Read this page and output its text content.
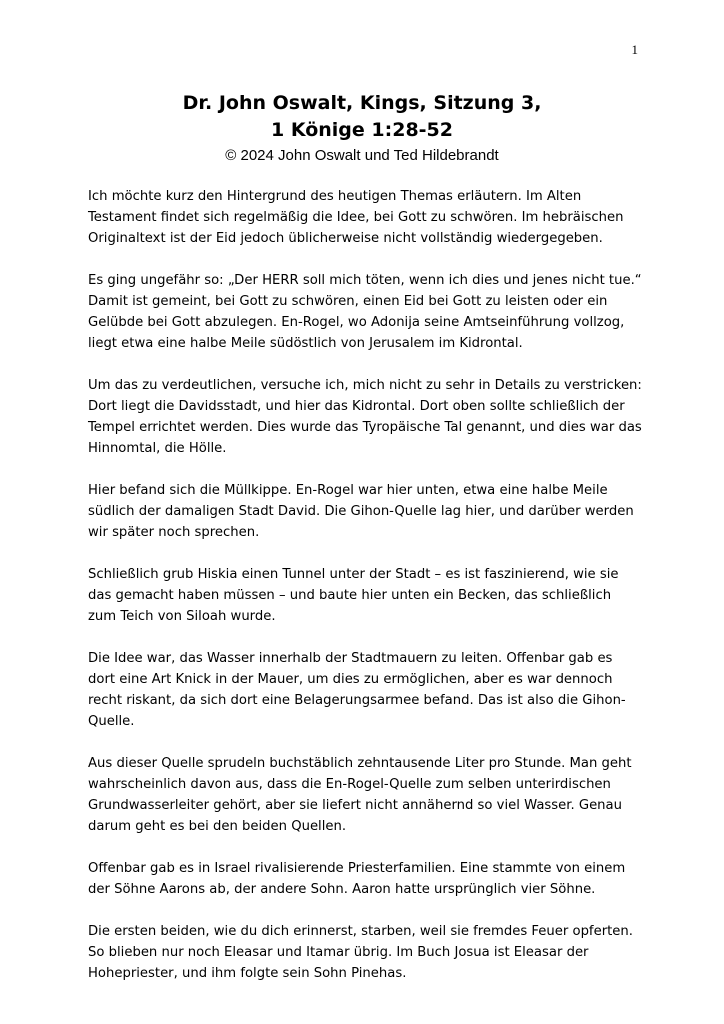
1
Dr. John Oswalt, Kings, Sitzung 3,
1 Könige 1:28-52
© 2024 John Oswalt und Ted Hildebrandt

Ich möchte kurz den Hintergrund des heutigen Themas erläutern. Im Alten Testament findet sich regelmäßig die Idee, bei Gott zu schwören. Im hebräischen Originaltext ist der Eid jedoch üblicherweise nicht vollständig wiedergegeben.

Es ging ungefähr so: „Der HERR soll mich töten, wenn ich dies und jenes nicht tue.“ Damit ist gemeint, bei Gott zu schwören, einen Eid bei Gott zu leisten oder ein Gelübde bei Gott abzulegen. En-Rogel, wo Adonija seine Amtseinführung vollzog, liegt etwa eine halbe Meile südöstlich von Jerusalem im Kidrontal.

Um das zu verdeutlichen, versuche ich, mich nicht zu sehr in Details zu verstricken: Dort liegt die Davidsstadt, und hier das Kidrontal. Dort oben sollte schließlich der Tempel errichtet werden. Dies wurde das Tyropäische Tal genannt, und dies war das Hinnomtal, die Hölle.

Hier befand sich die Müllkippe. En-Rogel war hier unten, etwa eine halbe Meile südlich der damaligen Stadt David. Die Gihon-Quelle lag hier, und darüber werden wir später noch sprechen.

Schließlich grub Hiskia einen Tunnel unter der Stadt – es ist faszinierend, wie sie das gemacht haben müssen – und baute hier unten ein Becken, das schließlich zum Teich von Siloah wurde.

Die Idee war, das Wasser innerhalb der Stadtmauern zu leiten. Offenbar gab es dort eine Art Knick in der Mauer, um dies zu ermöglichen, aber es war dennoch recht riskant, da sich dort eine Belagerungsarmee befand. Das ist also die Gihon-Quelle.

Aus dieser Quelle sprudeln buchstäblich zehntausende Liter pro Stunde. Man geht wahrscheinlich davon aus, dass die En-Rogel-Quelle zum selben unterirdischen Grundwasserleiter gehört, aber sie liefert nicht annähernd so viel Wasser. Genau darum geht es bei den beiden Quellen.

Offenbar gab es in Israel rivalisierende Priesterfamilien. Eine stammte von einem der Söhne Aarons ab, der andere Sohn. Aaron hatte ursprünglich vier Söhne.

Die ersten beiden, wie du dich erinnerst, starben, weil sie fremdes Feuer opferten. So blieben nur noch Eleasar und Itamar übrig. Im Buch Josua ist Eleasar der Hohepriester, und ihm folgte sein Sohn Pinehas.
